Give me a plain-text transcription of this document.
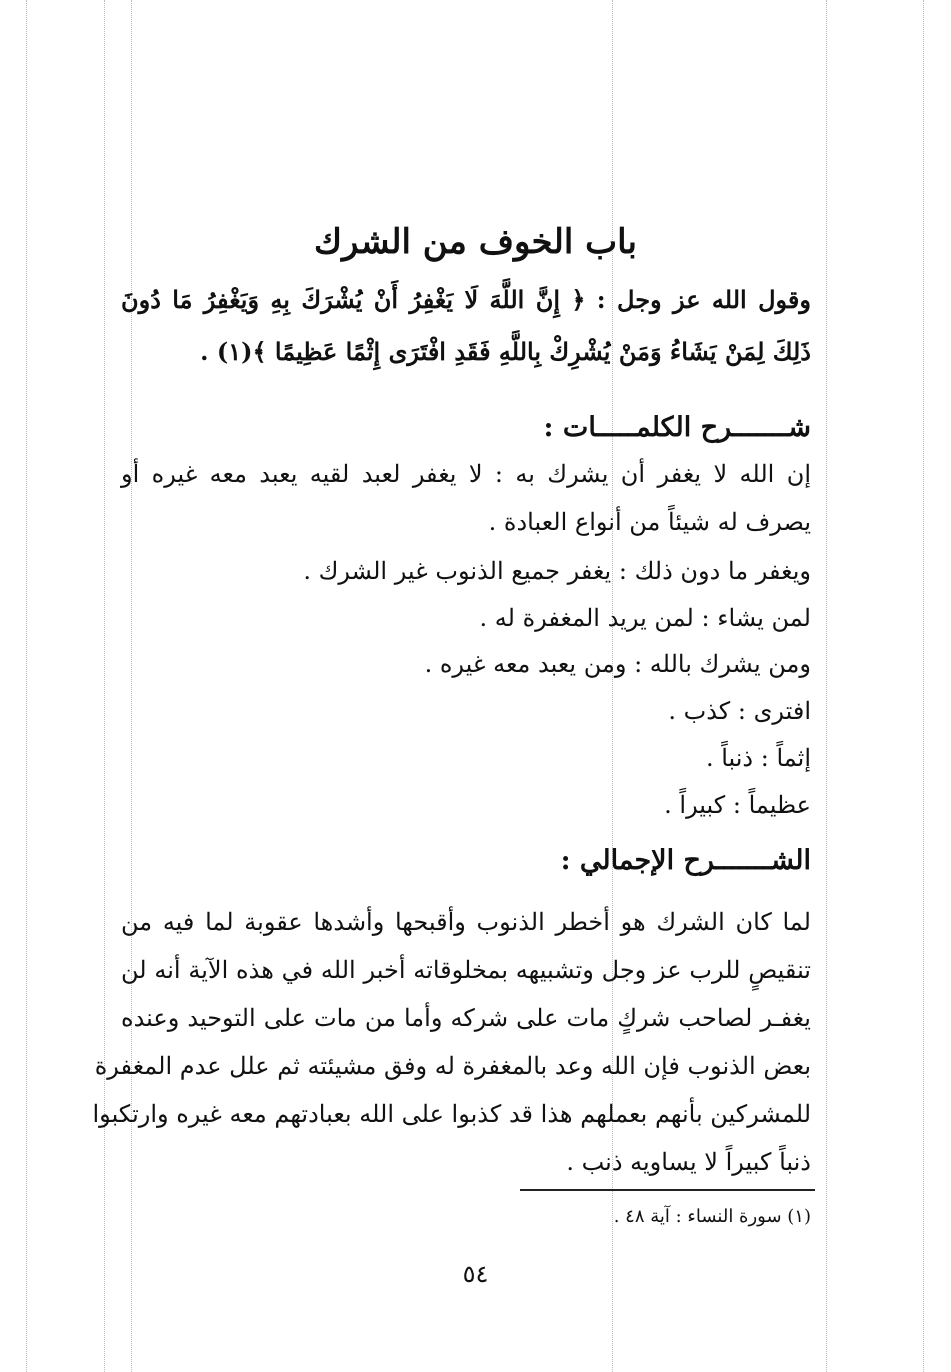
باب الخوف من الشرك
وقول الله عز وجل : ﴿ إِنَّ اللَّهَ لَا يَغْفِرُ أَنْ يُشْرَكَ بِهِ وَيَغْفِرُ مَا دُونَ
ذَلِكَ لِمَنْ يَشَاءُ وَمَنْ يُشْرِكْ بِاللَّهِ فَقَدِ افْتَرَى إِثْمًا عَظِيمًا ﴾(١) .
شـــــــرح الكلمـــــات :
إن الله لا يغفر أن يشرك به : لا يغفر لعبد لقيه يعبد معه غيره أو
يصرف له شيئاً من أنواع العبادة .
ويغفر ما دون ذلك : يغفر جميع الذنوب غير الشرك .
لمن يشاء : لمن يريد المغفرة له .
ومن يشرك بالله : ومن يعبد معه غيره .
افترى : كذب .
إثماً : ذنباً .
عظيماً : كبيراً .
الشـــــــرح الإجمالي :
لما كان الشرك هو أخطر الذنوب وأقبحها وأشدها عقوبة لما فيه من
تنقيصٍ للرب عز وجل وتشبيهه بمخلوقاته أخبر الله في هذه الآية أنه لن
يغفـر لصاحب شركٍ مات على شركه وأما من مات على التوحيد وعنده
بعض الذنوب فإن الله وعد بالمغفرة له وفق مشيئته ثم علل عدم المغفرة
للمشركين بأنهم بعملهم هذا قد كذبوا على الله بعبادتهم معه غيره وارتكبوا
ذنباً كبيراً لا يساويه ذنب .
(١) سورة النساء : آية ٤٨ .
٥٤
